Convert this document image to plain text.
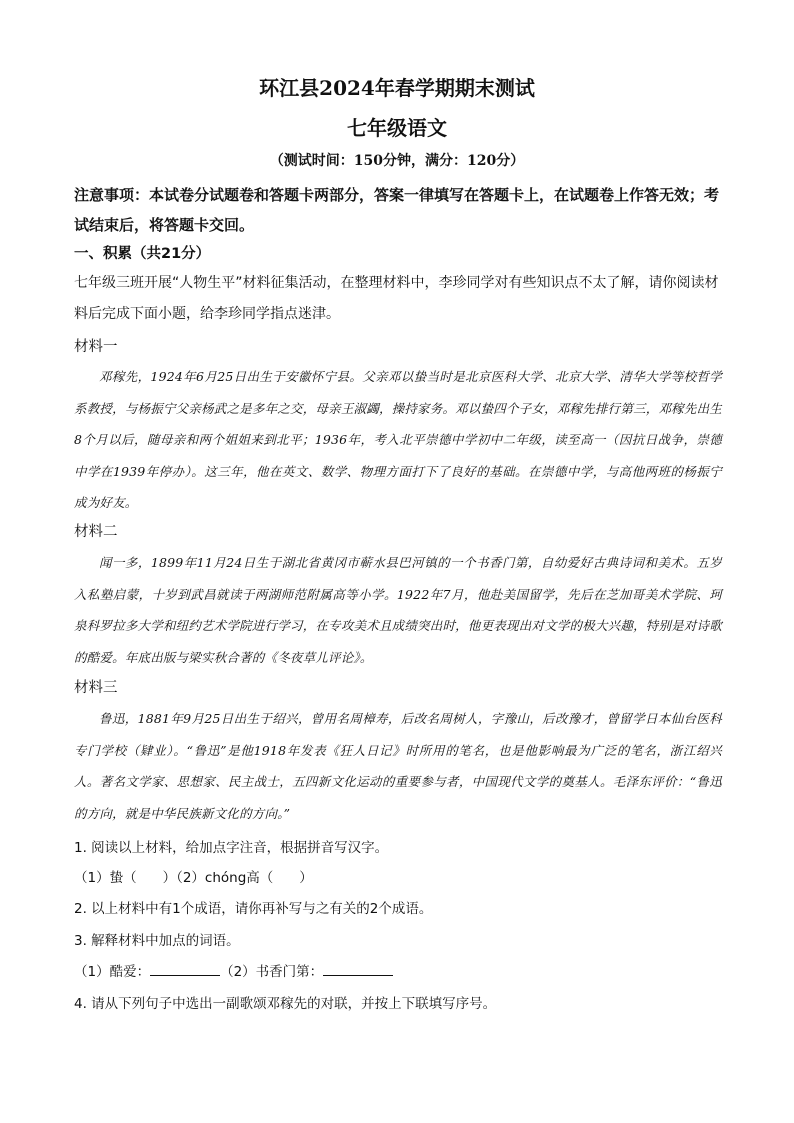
环江县2024年春学期期末测试
七年级语文
（测试时间：150分钟，满分：120分）
注意事项：本试卷分试题卷和答题卡两部分，答案一律填写在答题卡上，在试题卷上作答无效；考试结束后，将答题卡交回。
一、积累（共21分）
七年级三班开展“人物生平”材料征集活动，在整理材料中，李珍同学对有些知识点不太了解，请你阅读材料后完成下面小题，给李珍同学指点迷津。
材料一
邓稼先，1924年6月25日出生于安徽怀宁县。父亲邓以蛰当时是北京医科大学、北京大学、清华大学等校哲学系教授，与杨振宁父亲杨武之是多年之交，母亲王淑蠲，操持家务。邓以蛰四个子女，邓稼先排行第三，邓稼先出生8个月以后，随母亲和两个姐姐来到北平；1936年，考入北平崇德中学初中二年级，读至高一（因抗日战争，崇德中学在1939年停办）。这三年，他在英文、数学、物理方面打下了良好的基础。在崇德中学，与高他两班的杨振宁成为好友。
材料二
闻一多，1899年11月24日生于湖北省黄冈市蕲水县巴河镇的一个书香门第，自幼爱好古典诗词和美术。五岁入私塾启蒙，十岁到武昌就读于两湖师范附属高等小学。1922年7月，他赴美国留学，先后在芝加哥美术学院、珂泉科罗拉多大学和纽约艺术学院进行学习，在专攻美术且成绩突出时，他更表现出对文学的极大兴趣，特别是对诗歌的酷爱。年底出版与梁实秋合著的《冬夜草儿评论》。
材料三
鲁迅，1881年9月25日出生于绍兴，曾用名周樟寿，后改名周树人，字豫山，后改豫才，曾留学日本仙台医科专门学校（肄业）。“鲁迅”是他1918年发表《狂人日记》时所用的笔名，也是他影响最为广泛的笔名，浙江绍兴人。著名文学家、思想家、民主战士，五四新文化运动的重要参与者，中国现代文学的奠基人。毛泽东评价：“鲁迅的方向，就是中华民族新文化的方向。”
1. 阅读以上材料，给加点字注音，根据拼音写汉字。
（1）蛰（ ）（2）chóng高（ ）
2. 以上材料中有1个成语，请你再补写与之有关的2个成语。
3. 解释材料中加点的词语。
（1）酷爱：	（2）书香门第：
4. 请从下列句子中选出一副歌颂邓稼先的对联，并按上下联填写序号。
